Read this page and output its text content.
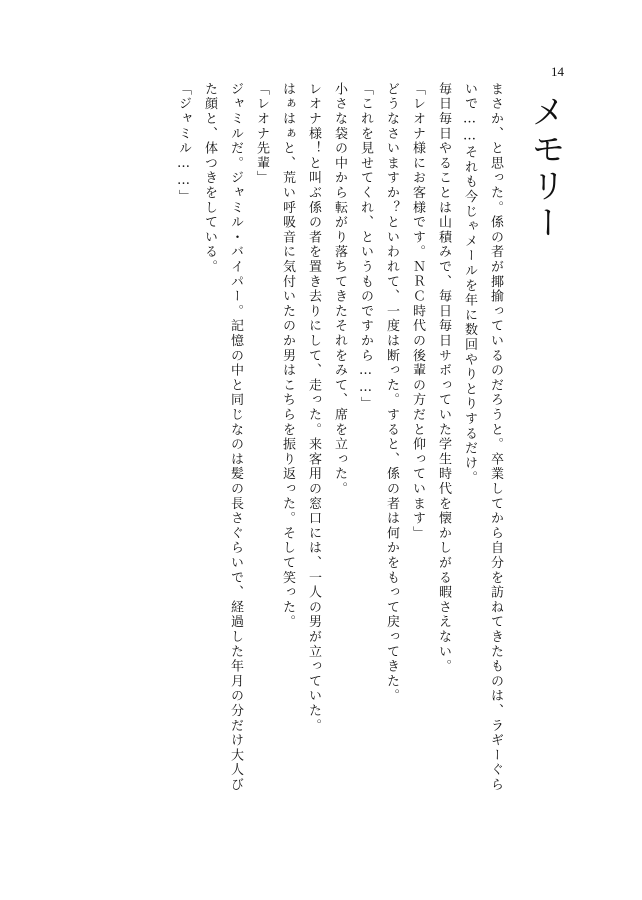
14
メモリー

まさか、と思った。係の者が揶揄っているのだろうと。卒業してから自分を訪ねてきたものは、ラギーぐら

いで……それも今じゃメールを年に数回やりとりするだけ。

毎日毎日やることは山積みで、毎日毎日サボっていた学生時代を懐かしがる暇さえない。

「レオナ様にお客様です。ＮＲＣ時代の後輩の方だと仰っています」

どうなさいますか？といわれて、一度は断った。すると、係の者は何かをもって戻ってきた。

「これを見せてくれ、というものですから……」

小さな袋の中から転がり落ちてきたそれをみて、席を立った。

レオナ様！と叫ぶ係の者を置き去りにして、走った。来客用の窓口には、一人の男が立っていた。

はぁはぁと、荒い呼吸音に気付いたのか男はこちらを振り返った。そして笑った。

「レオナ先輩」

ジャミルだ。ジャミル・バイパー。記憶の中と同じなのは髪の長さぐらいで、経過した年月の分だけ大人び

た顔と、体つきをしている。

「ジャミル……」
